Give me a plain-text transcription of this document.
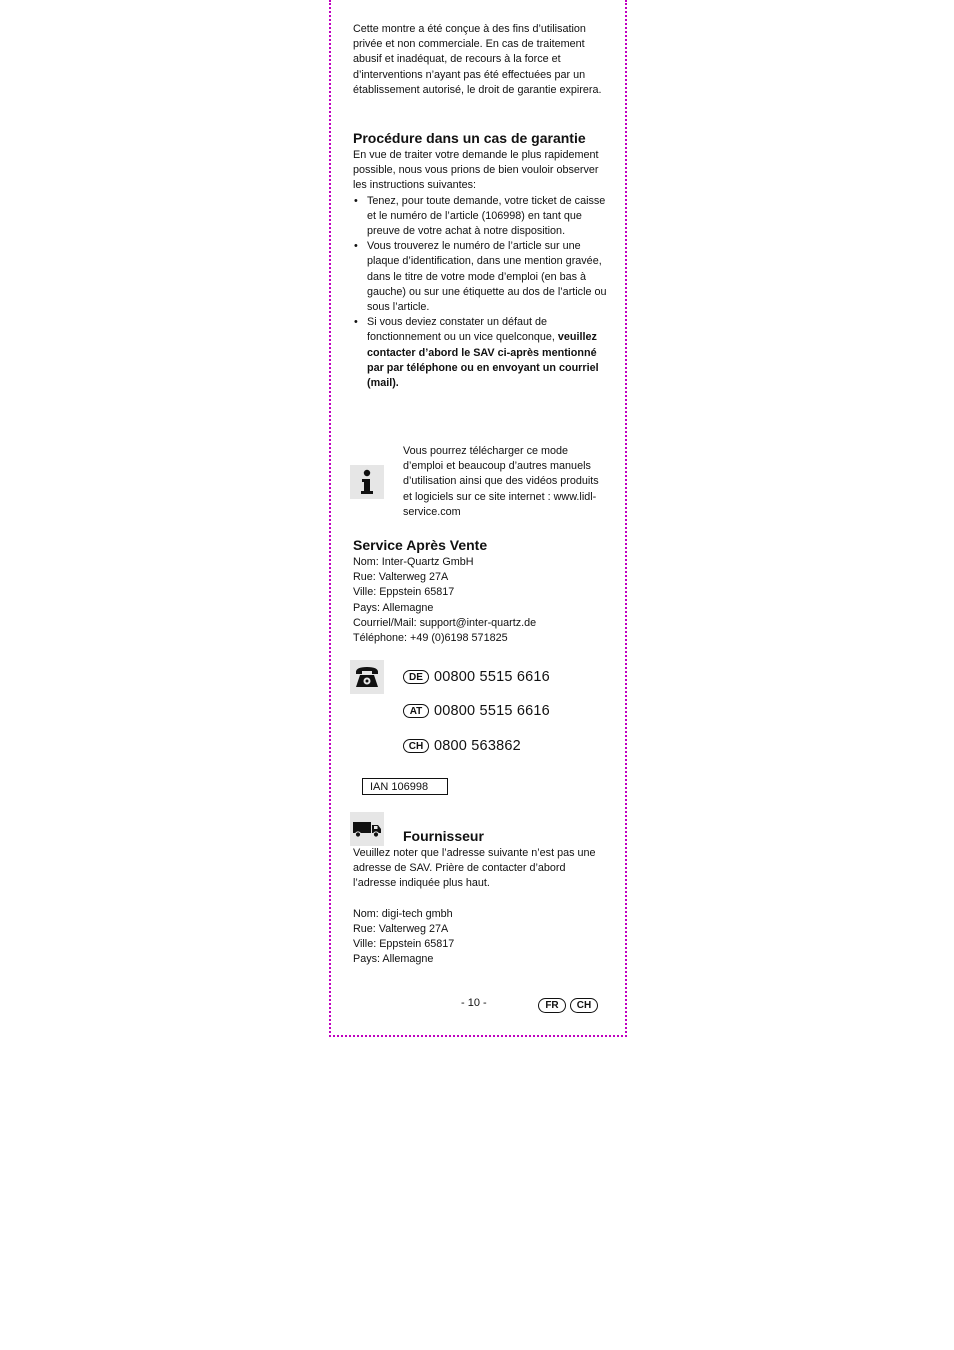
Cette montre a été conçue à des fins d’utilisation privée et non commerciale. En cas de traitement abusif et inadéquat, de recours à la force et d’interventions n’ayant pas été effectuées par un établissement autorisé, le droit de garantie expirera.
Procédure dans un cas de garantie
En vue de traiter votre demande le plus rapidement possible, nous vous prions de bien vouloir observer les instructions suivantes:
• Tenez, pour toute demande, votre ticket de caisse et le numéro de l’article (106998) en tant que preuve de votre achat à notre disposition.
• Vous trouverez le numéro de l’article sur une plaque d’identification, dans une mention gravée, dans le titre de votre mode d’emploi (en bas à gauche) ou sur une étiquette au dos de l’article ou sous l’article.
• Si vous deviez constater un défaut de fonctionnement ou un vice quelconque, veuillez contacter d’abord le SAV ci-après mentionné par par téléphone ou en envoyant un courriel (mail).
Vous pourrez télécharger ce mode d’emploi et beaucoup d’autres manuels d’utilisation ainsi que des vidéos produits et logiciels sur ce site internet : www.lidl-service.com
Service Après Vente
Nom: Inter-Quartz GmbH
Rue: Valterweg 27A
Ville: Eppstein 65817
Pays: Allemagne
Courriel/Mail: support@inter-quartz.de
Téléphone: +49 (0)6198 571825
DE 00800 5515 6616
AT 00800 5515 6616
CH 0800 563862
IAN 106998
Fournisseur
Veuillez noter que l’adresse suivante n’est pas une adresse de SAV. Prière de contacter d’abord l’adresse indiquée plus haut.
Nom: digi-tech gmbh
Rue: Valterweg 27A
Ville: Eppstein 65817
Pays: Allemagne
- 10 -	FR	CH
